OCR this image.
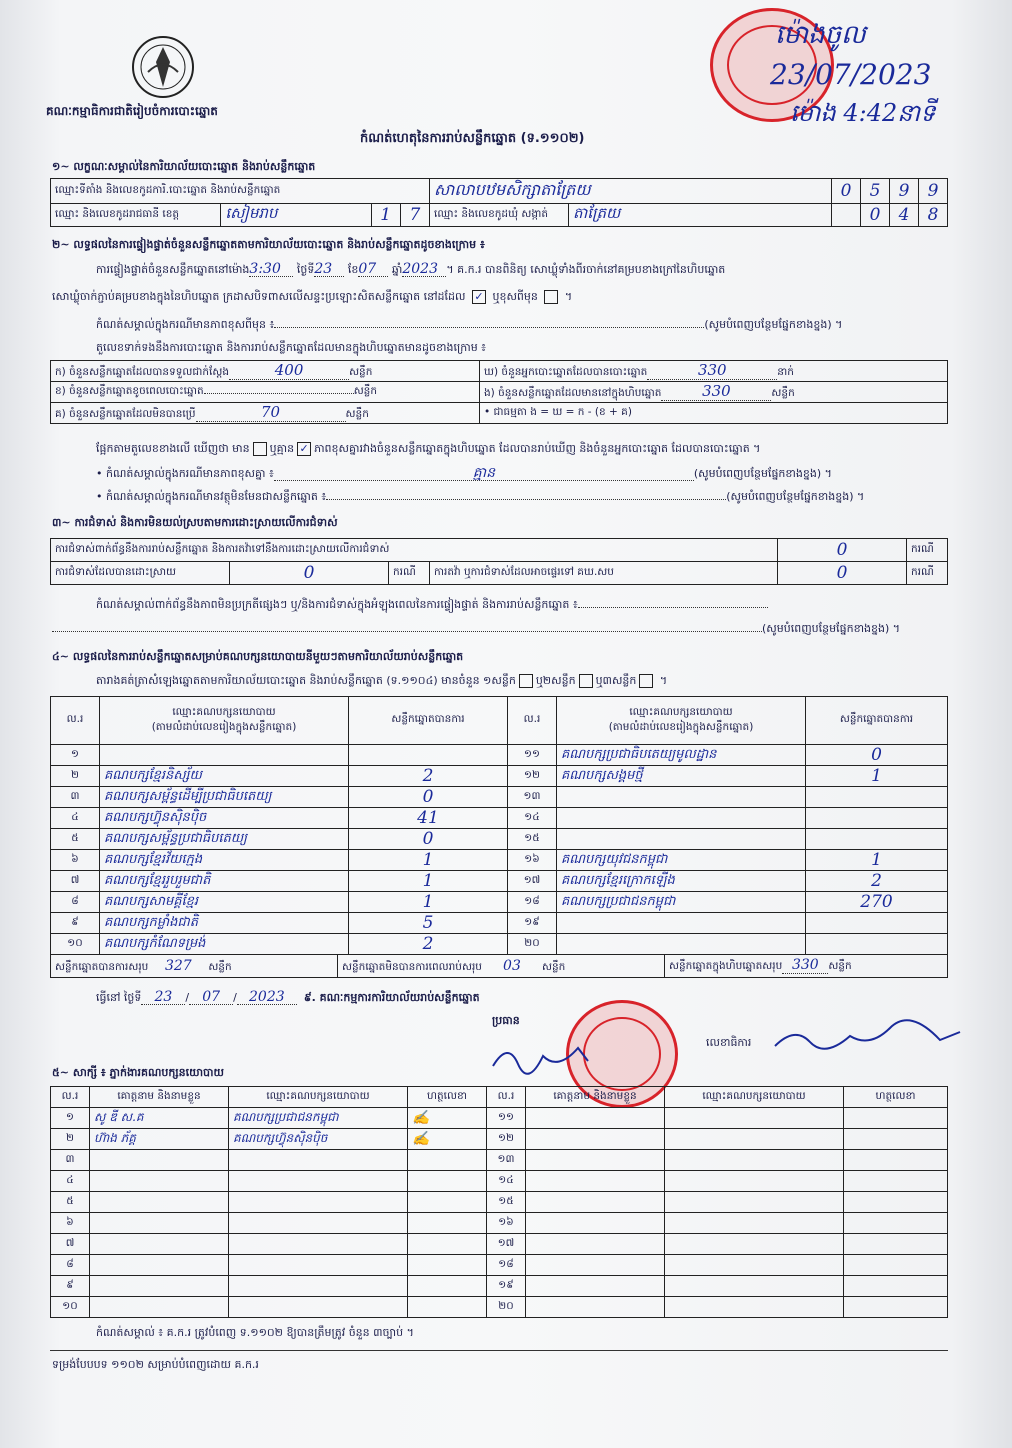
គណៈកម្មាធិការជាតិរៀបចំការបោះឆ្នោត
កំណត់ហេតុនៃការរាប់សន្លឹកឆ្នោត (ទ.១១០២)
ម៉ោងចូល
23/07/2023
ម៉ោង 4:42នាទី
១~ លក្ខណៈសម្គាល់នៃការិយាល័យបោះឆ្នោត និងរាប់សន្លឹកឆ្នោត
ឈ្មោះទីតាំង និងលេខកូដការិ.បោះឆ្នោត និងរាប់សន្លឹកឆ្នោត				សាលាបឋមសិក្សាតាត្រែយ		0	5	9	9
ឈ្មោះ និងលេខកូដរាជធានី ខេត្ត	សៀមរាប	1	7	ឈ្មោះ និងលេខកូដឃុំ សង្កាត់	តាត្រែយ		0	4	8
២~ លទ្ធផលនៃការផ្ទៀងផ្ទាត់ចំនួនសន្លឹកឆ្នោតតាមការិយាល័យបោះឆ្នោត និងរាប់សន្លឹកឆ្នោតដូចខាងក្រោម ៖
ការផ្ទៀងផ្ទាត់ចំនួនសន្លឹកឆ្នោតនៅម៉ោង3:30 ថ្ងៃទី23 ខែ07 ឆ្នាំ2023 ។ គ.ក.រ បានពិនិត្យ សោឃ្លុំទាំងពីរចាក់នៅគម្របខាងក្រៅនៃហិបឆ្នោត
សោឃ្លុំចាក់ភ្ជាប់គម្របខាងក្នុងនៃហិបឆ្នោត ក្រដាសបិទពាសលើសន្ទះប្រឡោះសិតសន្លឹកឆ្នោត នៅដដែល ✓ ឬខុសពីមុន  ។
កំណត់សម្គាល់ក្នុងករណីមានភាពខុសពីមុន ៖	(សូមបំពេញបន្ថែមផ្នែកខាងខ្នង) ។
តួលេខទាក់ទងនឹងការបោះឆ្នោត និងការរាប់សន្លឹកឆ្នោតដែលមានក្នុងហិបឆ្នោតមានដូចខាងក្រោម ៖
ក) ចំនួនសន្លឹកឆ្នោតដែលបានទទួលជាក់ស្តែង 400 សន្លឹក	ឃ) ចំនួនអ្នកបោះឆ្នោតដែលបានបោះឆ្នោត 330 នាក់
ខ) ចំនួនសន្លឹកឆ្នោតខូចពេលបោះឆ្នោត សន្លឹក	ង) ចំនួនសន្លឹកឆ្នោតដែលមាននៅក្នុងហិបឆ្នោត 330 សន្លឹក
គ) ចំនួនសន្លឹកឆ្នោតដែលមិនបានប្រើ 70 សន្លឹក	• ជាធម្មតា ង = ឃ = ក - (ខ + គ)
ផ្អែកតាមតួលេខខាងលើ ឃើញថា មាន ឬគ្មាន ✓ ភាពខុសគ្នារវាងចំនួនសន្លឹកឆ្នោតក្នុងហិបឆ្នោត ដែលបានរាប់ឃើញ និងចំនួនអ្នកបោះឆ្នោត ដែលបានបោះឆ្នោត ។
• កំណត់សម្គាល់ក្នុងករណីមានភាពខុសគ្នា ៖	គ្មាន	(សូមបំពេញបន្ថែមផ្នែកខាងខ្នង) ។
• កំណត់សម្គាល់ក្នុងករណីមានវត្ថុមិនមែនជាសន្លឹកឆ្នោត ៖	(សូមបំពេញបន្ថែមផ្នែកខាងខ្នង) ។
៣~ ការជំទាស់ និងការមិនយល់ស្របតាមការដោះស្រាយលើការជំទាស់
ការជំទាស់ពាក់ព័ន្ធនឹងការរាប់សន្លឹកឆ្នោត និងការតវ៉ាទៅនឹងការដោះស្រាយលើការជំទាស់				0	ករណី
ការជំទាស់ដែលបានដោះស្រាយ	0	ករណី	ការតវ៉ា ឬការជំទាស់ដែលអាចផ្ទេរទៅ គឃ.សប	0	ករណី
កំណត់សម្គាល់ពាក់ព័ន្ធនឹងភាពមិនប្រក្រតីផ្សេងៗ ឬ/និងការជំទាស់ក្នុងអំឡុងពេលនៃការផ្ទៀងផ្ទាត់ និងការរាប់សន្លឹកឆ្នោត ៖
(សូមបំពេញបន្ថែមផ្នែកខាងខ្នង) ។
៤~ លទ្ធផលនៃការរាប់សន្លឹកឆ្នោតសម្រាប់គណបក្សនយោបាយនីមួយៗតាមការិយាល័យរាប់សន្លឹកឆ្នោត
តារាងគត់ត្រាសំឡេងឆ្នោតតាមការិយាល័យបោះឆ្នោត និងរាប់សន្លឹកឆ្នោត (ទ.១១០៤) មានចំនួន ១សន្លឹក ឬ២សន្លឹក ឬ៣សន្លឹក ។
ល.រ	ឈ្មោះគណបក្សនយោបាយ
(តាមលំដាប់លេខរៀងក្នុងសន្លឹកឆ្នោត)	សន្លឹកឆ្នោតបានការ	ល.រ	ឈ្មោះគណបក្សនយោបាយ
(តាមលំដាប់លេខរៀងក្នុងសន្លឹកឆ្នោត)	សន្លឹកឆ្នោតបានការ
១			១១	គណបក្សប្រជាធិបតេយ្យមូលដ្ឋាន	0
២	គណបក្សខ្មែរនិស្ស័យ	2	១២	គណបក្សសង្គមថ្មី	1
៣	គណបក្សសម្ព័ន្ធដើម្បីប្រជាធិបតេយ្យ	0	១៣		
៤	គណបក្សហ៊្វុនស៊ិនប៉ិច	41	១៤		
៥	គណបក្សសម្ព័ន្ធប្រជាធិបតេយ្យ	0	១៥		
៦	គណបក្សខ្មែរវ័យក្មេង	1	១៦	គណបក្សយុវជនកម្ពុជា	1
៧	គណបក្សខ្មែររួបរួមជាតិ	1	១៧	គណបក្សខ្មែរក្រោកឡើង	2
៨	គណបក្សសាមគ្គីខ្មែរ	1	១៨	គណបក្សប្រជាជនកម្ពុជា	270
៩	គណបក្សកម្លាំងជាតិ	5	១៩		
១០	គណបក្សកំណែទម្រង់	2	២០		

សន្លឹកឆ្នោតបានការសរុប 327 សន្លឹក សន្លឹកឆ្នោតមិនបានការពេលរាប់សរុប 03 សន្លឹក សន្លឹកឆ្នោតក្នុងហិបឆ្នោតសរុប 330 សន្លឹក					
ធ្វើនៅ ថ្ងៃទី 23 / 07 / 2023 ៩. គណៈកម្មការការិយាល័យរាប់សន្លឹកឆ្នោត
ប្រធាន
លេខាធិការ
៥~ សាក្សី ៖ ភ្នាក់ងារគណបក្សនយោបាយ
ល.រ	គោត្តនាម និងនាមខ្លួន	ឈ្មោះគណបក្សនយោបាយ	ហត្ថលេខា	ល.រ	គោត្តនាម និងនាមខ្លួន	ឈ្មោះគណបក្សនយោបាយ	ហត្ថលេខា
១	សូ ឌី ស.គ	គណបក្សប្រជាជនកម្ពុជា	✍	១១			
២	ហ៊ាង ភ័គ្គ	គណបក្សហ៊្វុនស៊ិនប៉ិច	✍	១២			
៣				១៣			
៤				១៤			
៥				១៥			
៦				១៦			
៧				១៧			
៨				១៨			
៩				១៩			
១០				២០			
កំណត់សម្គាល់ ៖ គ.ក.រ ត្រូវបំពេញ ទ.១១០២ ឱ្យបានត្រឹមត្រូវ ចំនួន ៣ច្បាប់ ។
ទម្រង់បែបបទ ១១០២ សម្រាប់បំពេញដោយ គ.ក.រ
